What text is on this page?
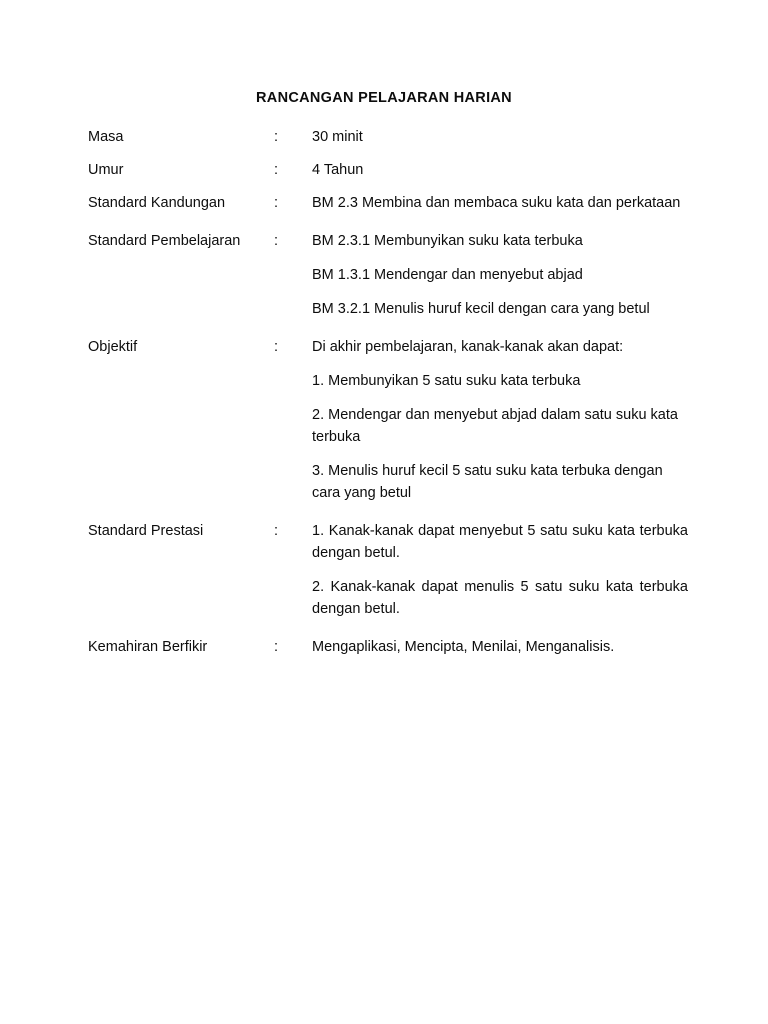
RANCANGAN PELAJARAN HARIAN
Masa	:	30 minit

Umur	:	4 Tahun

Standard Kandungan	:	BM 2.3 Membina dan membaca suku kata dan perkataan

Standard Pembelajaran	:	BM 2.3.1 Membunyikan suku kata terbuka

BM 1.3.1 Mendengar dan menyebut abjad

BM 3.2.1 Menulis huruf kecil dengan cara yang betul

Objektif	:	Di akhir pembelajaran, kanak-kanak akan dapat:

1. Membunyikan 5 satu suku kata terbuka

2. Mendengar dan menyebut abjad dalam satu suku kata terbuka

3. Menulis huruf kecil 5 satu suku kata terbuka dengan cara yang betul

Standard Prestasi	:	1. Kanak-kanak dapat menyebut 5 satu suku kata terbuka dengan betul.

2. Kanak-kanak dapat menulis 5 satu suku kata terbuka dengan betul.

Kemahiran Berfikir	:	Mengaplikasi, Mencipta, Menilai, Menganalisis.
